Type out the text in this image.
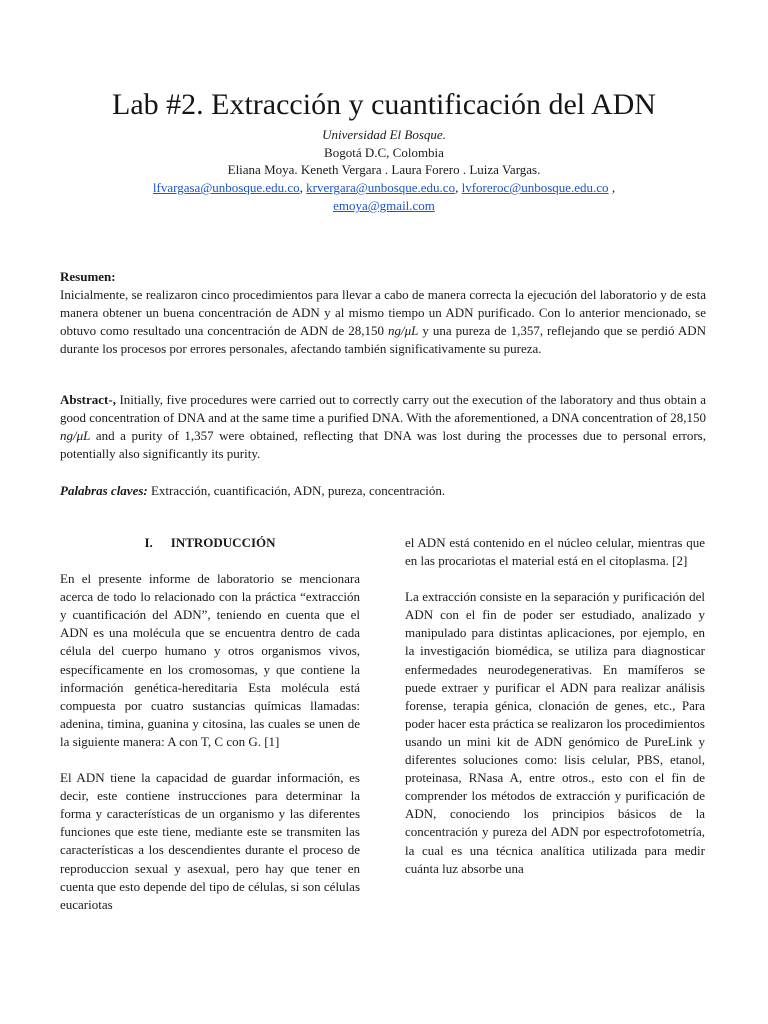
Lab #2. Extracción y cuantificación del ADN
Universidad El Bosque.
Bogotá D.C, Colombia
Eliana Moya. Keneth Vergara . Laura Forero . Luiza Vargas.
lfvargasa@unbosque.edu.co, krvergara@unbosque.edu.co, lvforeroc@unbosque.edu.co ,
emoya@gmail.com
Resumen:
Inicialmente, se realizaron cinco procedimientos para llevar a cabo de manera correcta la ejecución del laboratorio y de esta manera obtener un buena concentración de ADN y al mismo tiempo un ADN purificado. Con lo anterior mencionado, se obtuvo como resultado una concentración de ADN de 28,150 ng/μL y una pureza de 1,357, reflejando que se perdió ADN durante los procesos por errores personales, afectando también significativamente su pureza.
Abstract-, Initially, five procedures were carried out to correctly carry out the execution of the laboratory and thus obtain a good concentration of DNA and at the same time a purified DNA. With the aforementioned, a DNA concentration of 28,150 ng/μL and a purity of 1,357 were obtained, reflecting that DNA was lost during the processes due to personal errors, potentially also significantly its purity.
Palabras claves: Extracción, cuantificación, ADN, pureza, concentración.
I. INTRODUCCIÓN

En el presente informe de laboratorio se mencionara acerca de todo lo relacionado con la práctica “extracción y cuantificación del ADN”, teniendo en cuenta que el ADN es una molécula que se encuentra dentro de cada célula del cuerpo humano y otros organismos vivos, específicamente en los cromosomas, y que contiene la información genética-hereditaria Esta molécula está compuesta por cuatro sustancias químicas llamadas: adenina, timina, guanina y citosina, las cuales se unen de la siguiente manera: A con T, C con G. [1]

El ADN tiene la capacidad de guardar información, es decir, este contiene instrucciones para determinar la forma y características de un organismo y las diferentes funciones que este tiene, mediante este se transmiten las características a los descendientes durante el proceso de reproduccion sexual y asexual, pero hay que tener en cuenta que esto depende del tipo de células, si son células eucariotas

el ADN está contenido en el núcleo celular, mientras que en las procariotas el material está en el citoplasma. [2]

La extracción consiste en la separación y purificación del ADN con el fin de poder ser estudiado, analizado y manipulado para distintas aplicaciones, por ejemplo, en la investigación biomédica, se utiliza para diagnosticar enfermedades neurodegenerativas. En mamíferos se puede extraer y purificar el ADN para realizar análisis forense, terapia génica, clonación de genes, etc., Para poder hacer esta práctica se realizaron los procedimientos usando un mini kit de ADN genómico de PureLink y diferentes soluciones como: lisis celular, PBS, etanol, proteinasa, RNasa A, entre otros., esto con el fin de comprender los métodos de extracción y purificación de ADN, conociendo los principios básicos de la concentración y pureza del ADN por espectrofotometría, la cual es una técnica analítica utilizada para medir cuánta luz absorbe una
